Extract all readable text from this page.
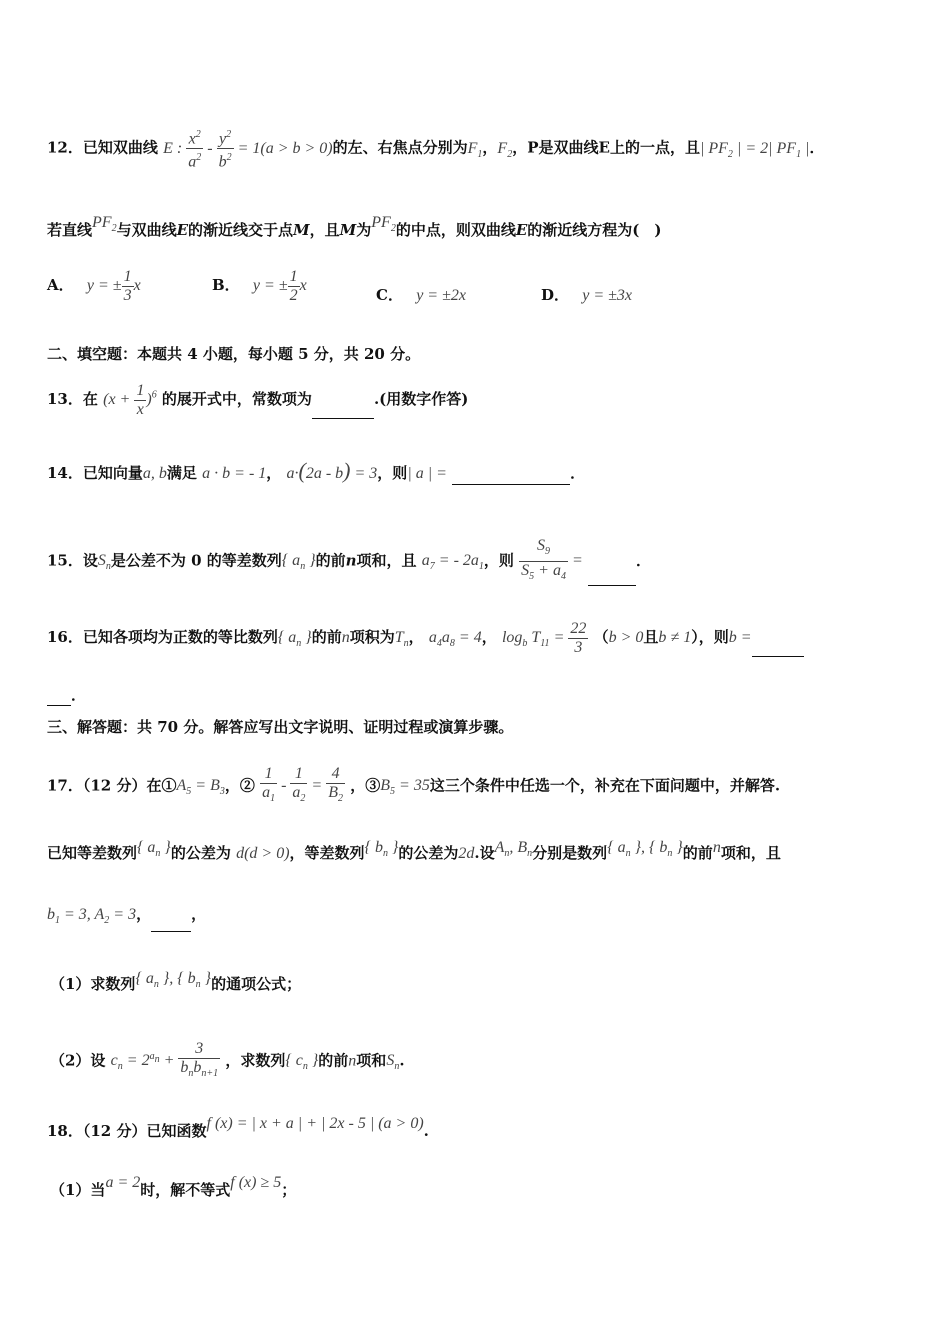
12．已知双曲线 E : $\frac{x^2}{a^2} - \frac{y^2}{b^2} = 1(a > b > 0)$的左、右焦点分别为$F_1$，$F_2$，P是双曲线E上的一点，且| $PF_2$ | = 2| $PF_1$ |．
若直线$PF_2$与双曲线E的渐近线交于点M，且M为$PF_2$的中点，则双曲线E的渐近线方程为(　)
A． y = ± $\frac{1}{3}$ x	B． y = ± $\frac{1}{2}$ x
C． y = ±2x	D． y = ±3x
二、填空题：本题共 4 小题，每小题 5 分，共 20 分。
13．在 $(x + \frac{1}{x} )^6$ 的展开式中，常数项为	.(用数字作答)
14．已知向量a, b满足 a · b = - 1， a·(2a - b) = 3，则| a | =	．
15．设$S_n$是公差不为 0 的等差数列{ $a_n$ }的前n项和，且 $a_7$ = - $2a_1$，则 $\frac{S_9}{S_5 + a_4}$ =	．
16．已知各项均为正数的等比数列{ $a_n$ }的前n项积为$T_n$， $a_4a_8 = 4$， $\log_b T_{11} = \frac{22}{3} (b > 0$且b ≠ 1），则b =
．
三、解答题：共 70 分。解答应写出文字说明、证明过程或演算步骤。
17．（12 分）在$①A_5 = B_3$，② $\frac{1}{a_1} - \frac{1}{a_2} = \frac{4}{B_2}$ ，$③B_5 = 35$这三个条件中任选一个，补充在下面问题中，并解答.
已知等差数列{ $a_n$ }的公差为 d(d > 0)，等差数列{ $b_n$ }的公差为2d.设$A_n$, $B_n$分别是数列{ $a_n$ }, { $b_n$ }的前n项和，且
$b_1 = 3$, $A_2 = 3$，	，
（1）求数列{ $a_n$ }, { $b_n$ }的通项公式；
（2）设 $c_n = 2^{a_n}$ +
3
$b_nb_{n+1}$
，求数列{ $c_n$ }的前n项和$S_n$.
18．（12 分）已知函数f (x) = | x + a | + | 2x - 5 | (a > 0).
（1）当a = 2时，解不等式f (x) ≥ 5；
